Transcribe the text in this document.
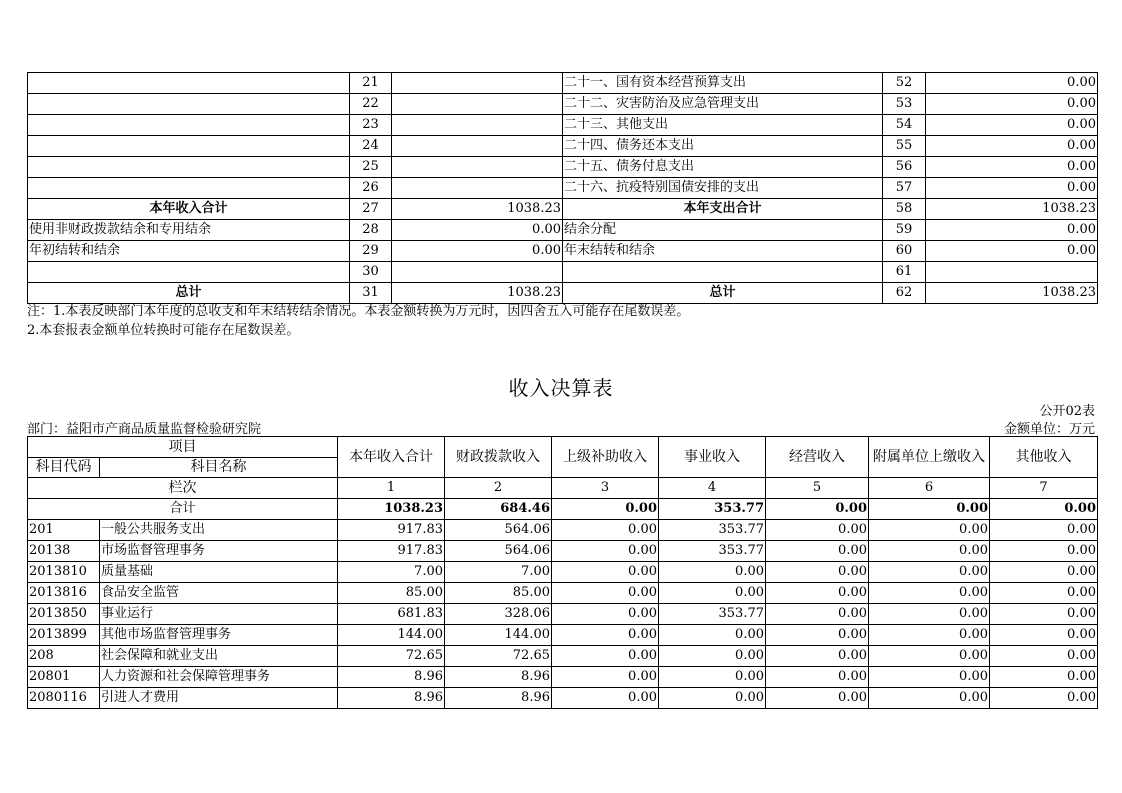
	21		二十一、国有资本经营预算支出	52	0.00
	22		二十二、灾害防治及应急管理支出	53	0.00
	23		二十三、其他支出	54	0.00
	24		二十四、债务还本支出	55	0.00
	25		二十五、债务付息支出	56	0.00
	26		二十六、抗疫特别国债安排的支出	57	0.00
本年收入合计	27	1038.23	本年支出合计	58	1038.23
使用非财政拨款结余和专用结余	28	0.00	结余分配	59	0.00
年初结转和结余	29	0.00	年末结转和结余	60	0.00
	30			61	
总计	31	1038.23	总计	62	1038.23
注：1.本表反映部门本年度的总收支和年末结转结余情况。本表金额转换为万元时，因四舍五入可能存在尾数误差。
2.本套报表金额单位转换时可能存在尾数误差。
收入决算表
公开02表
部门：益阳市产商品质量监督检验研究院	金额单位：万元
项目		本年收入合计	财政拨款收入	上级补助收入	事业收入	经营收入	附属单位上缴收入	其他收入
科目代码	科目名称							
栏次		1	2	3	4	5	6	7
合计		1038.23	684.46	0.00	353.77	0.00	0.00	0.00
201	一般公共服务支出	917.83	564.06	0.00	353.77	0.00	0.00	0.00
20138	市场监督管理事务	917.83	564.06	0.00	353.77	0.00	0.00	0.00
2013810	质量基础	7.00	7.00	0.00	0.00	0.00	0.00	0.00
2013816	食品安全监管	85.00	85.00	0.00	0.00	0.00	0.00	0.00
2013850	事业运行	681.83	328.06	0.00	353.77	0.00	0.00	0.00
2013899	其他市场监督管理事务	144.00	144.00	0.00	0.00	0.00	0.00	0.00
208	社会保障和就业支出	72.65	72.65	0.00	0.00	0.00	0.00	0.00
20801	人力资源和社会保障管理事务	8.96	8.96	0.00	0.00	0.00	0.00	0.00
2080116	引进人才费用	8.96	8.96	0.00	0.00	0.00	0.00	0.00
